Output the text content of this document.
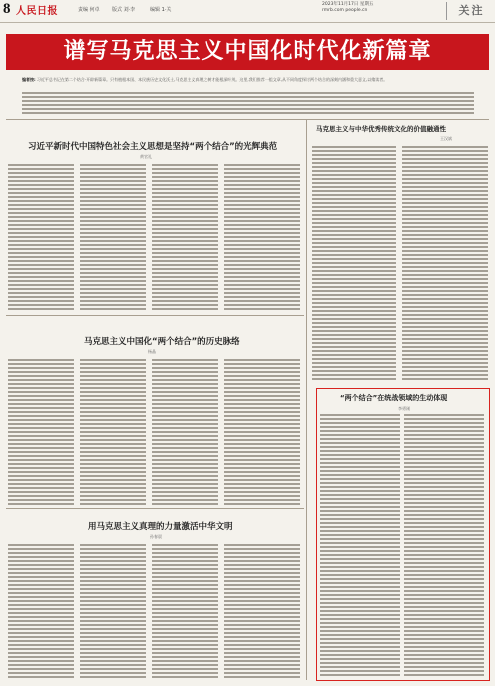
8 人民日报	责编 何卓 版式 刘·李	编辑 1·关
2023年11月17日 星期五
rmrb.com people.cn	关注
谱写马克思主义中国化时代化新篇章
编者按: 习近平总书记在第二个结合·开辟新篇章。只有植根本国、本民族历史文化沃土,马克思主义真理之树才能根深叶茂。这里,我们推荐一组文章,从不同角度探讨两个结合的深刻内涵和重大意义,以飨读者。
习近平新时代中国特色社会主义思想是坚持“两个结合”的光辉典范
黄官礼
马克思主义中国化“两个结合”的历史脉络
杨晶
用马克思主义真理的力量激活中华文明
孙春晨
马克思主义与中华优秀传统文化的价值融通性
王汉斌
“两个结合”在统战领域的生动体现
李勇刚
